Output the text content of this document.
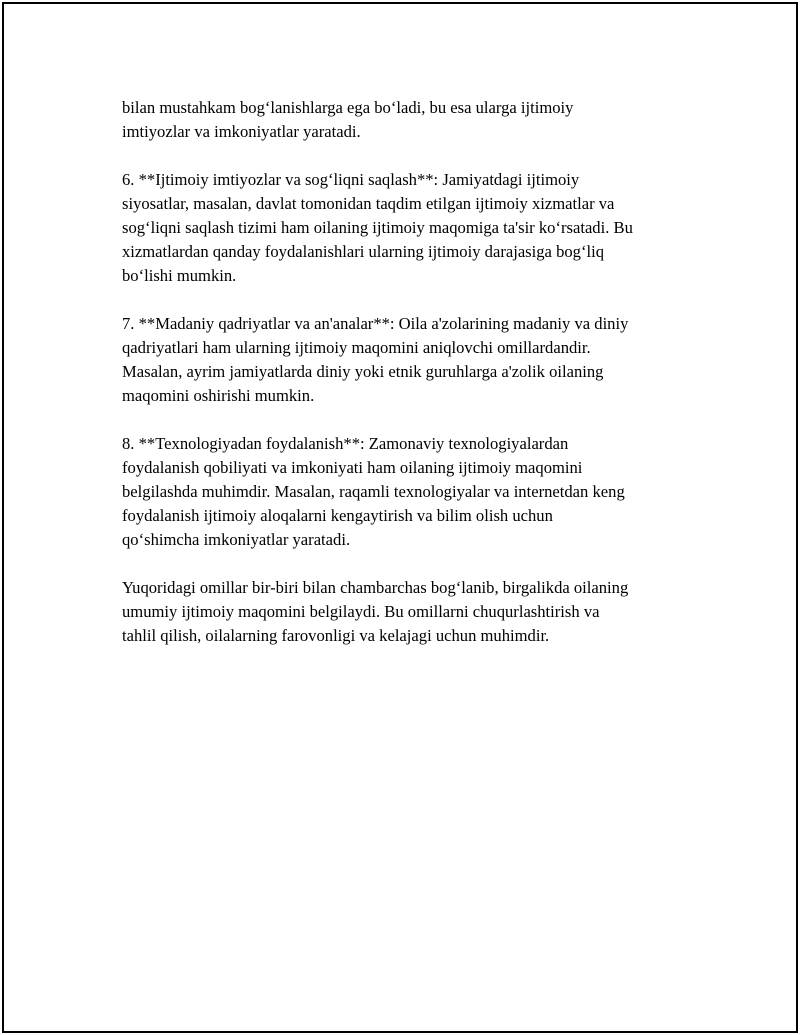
bilan mustahkam bog‘lanishlarga ega bo‘ladi, bu esa ularga ijtimoiy
imtiyozlar va imkoniyatlar yaratadi.

6. **Ijtimoiy imtiyozlar va sog‘liqni saqlash**: Jamiyatdagi ijtimoiy
siyosatlar, masalan, davlat tomonidan taqdim etilgan ijtimoiy xizmatlar va
sog‘liqni saqlash tizimi ham oilaning ijtimoiy maqomiga ta'sir ko‘rsatadi. Bu
xizmatlardan qanday foydalanishlari ularning ijtimoiy darajasiga bog‘liq
bo‘lishi mumkin.

7. **Madaniy qadriyatlar va an'analar**: Oila a'zolarining madaniy va diniy
qadriyatlari ham ularning ijtimoiy maqomini aniqlovchi omillardandir.
Masalan, ayrim jamiyatlarda diniy yoki etnik guruhlarga a'zolik oilaning
maqomini oshirishi mumkin.

8. **Texnologiyadan foydalanish**: Zamonaviy texnologiyalardan
foydalanish qobiliyati va imkoniyati ham oilaning ijtimoiy maqomini
belgilashda muhimdir. Masalan, raqamli texnologiyalar va internetdan keng
foydalanish ijtimoiy aloqalarni kengaytirish va bilim olish uchun
qo‘shimcha imkoniyatlar yaratadi.

Yuqoridagi omillar bir-biri bilan chambarchas bog‘lanib, birgalikda oilaning
umumiy ijtimoiy maqomini belgilaydi. Bu omillarni chuqurlashtirish va
tahlil qilish, oilalarning farovonligi va kelajagi uchun muhimdir.
